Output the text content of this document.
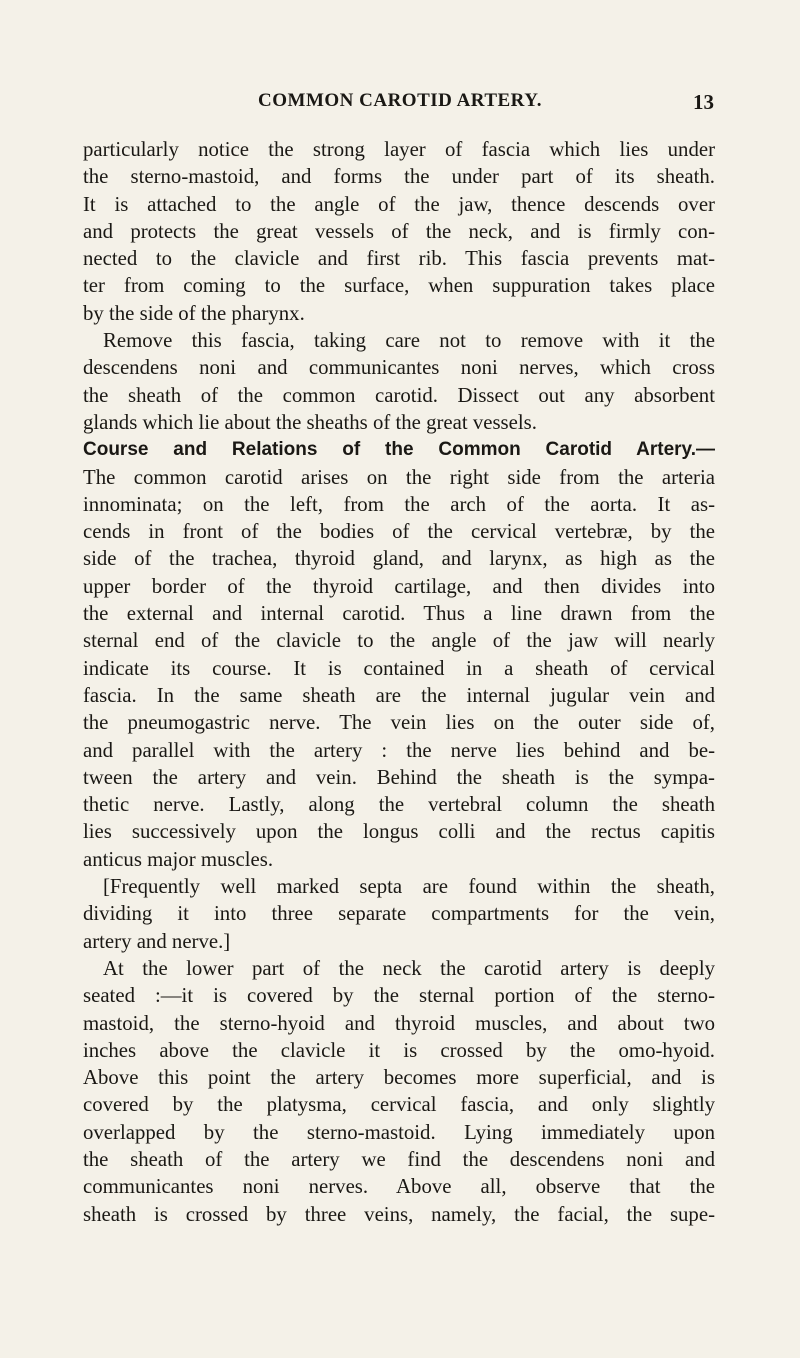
COMMON CAROTID ARTERY.	13
particularly notice the strong layer of fascia which lies under
the sterno-mastoid, and forms the under part of its sheath.
It is attached to the angle of the jaw, thence descends over
and protects the great vessels of the neck, and is firmly con-
nected to the clavicle and first rib. This fascia prevents mat-
ter from coming to the surface, when suppuration takes place
by the side of the pharynx.
Remove this fascia, taking care not to remove with it the
descendens noni and communicantes noni nerves, which cross
the sheath of the common carotid. Dissect out any absorbent
glands which lie about the sheaths of the great vessels.
Course and Relations of the Common Carotid Artery.—
The common carotid arises on the right side from the arteria
innominata; on the left, from the arch of the aorta. It as-
cends in front of the bodies of the cervical vertebræ, by the
side of the trachea, thyroid gland, and larynx, as high as the
upper border of the thyroid cartilage, and then divides into
the external and internal carotid. Thus a line drawn from the
sternal end of the clavicle to the angle of the jaw will nearly
indicate its course. It is contained in a sheath of cervical
fascia. In the same sheath are the internal jugular vein and
the pneumogastric nerve. The vein lies on the outer side of,
and parallel with the artery : the nerve lies behind and be-
tween the artery and vein. Behind the sheath is the sympa-
thetic nerve. Lastly, along the vertebral column the sheath
lies successively upon the longus colli and the rectus capitis
anticus major muscles.
[Frequently well marked septa are found within the sheath,
dividing it into three separate compartments for the vein,
artery and nerve.]
At the lower part of the neck the carotid artery is deeply
seated :—it is covered by the sternal portion of the sterno-
mastoid, the sterno-hyoid and thyroid muscles, and about two
inches above the clavicle it is crossed by the omo-hyoid.
Above this point the artery becomes more superficial, and is
covered by the platysma, cervical fascia, and only slightly
overlapped by the sterno-mastoid. Lying immediately upon
the sheath of the artery we find the descendens noni and
communicantes noni nerves. Above all, observe that the
sheath is crossed by three veins, namely, the facial, the supe-
